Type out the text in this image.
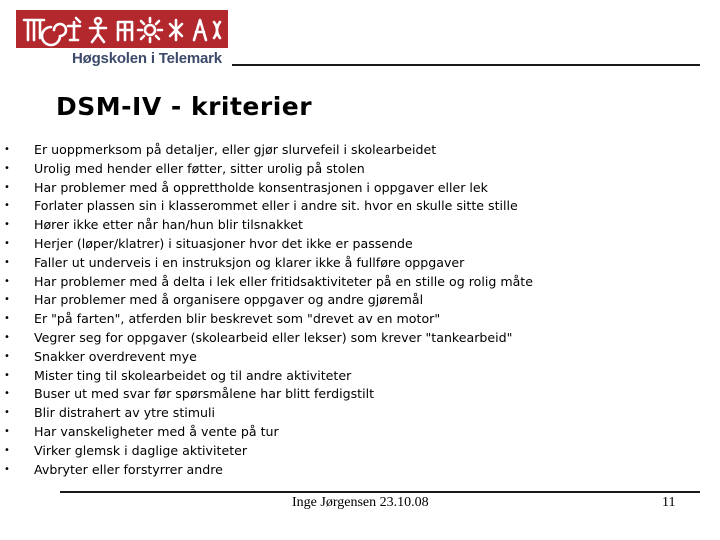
Høgskolen i Telemark
DSM-IV - kriterier
• Er uoppmerksom på detaljer, eller gjør slurvefeil i skolearbeidet
• Urolig med hender eller føtter, sitter urolig på stolen
• Har problemer med å opprettholde konsentrasjonen i oppgaver eller lek
• Forlater plassen sin i klasserommet eller i andre sit. hvor en skulle sitte stille
• Hører ikke etter når han/hun blir tilsnakket
• Herjer (løper/klatrer) i situasjoner hvor det ikke er passende
• Faller ut underveis i en instruksjon og klarer ikke å fullføre oppgaver
• Har problemer med å delta i lek eller fritidsaktiviteter på en stille og rolig måte
• Har problemer med å organisere oppgaver og andre gjøremål
• Er "på farten", atferden blir beskrevet som "drevet av en motor"
• Vegrer seg for oppgaver (skolearbeid eller lekser) som krever "tankearbeid"
• Snakker overdrevent mye
• Mister ting til skolearbeidet og til andre aktiviteter
• Buser ut med svar før spørsmålene har blitt ferdigstilt
• Blir distrahert av ytre stimuli
• Har vanskeligheter med å vente på tur
• Virker glemsk i daglige aktiviteter
• Avbryter eller forstyrrer andre
Inge Jørgensen 23.10.08	11
